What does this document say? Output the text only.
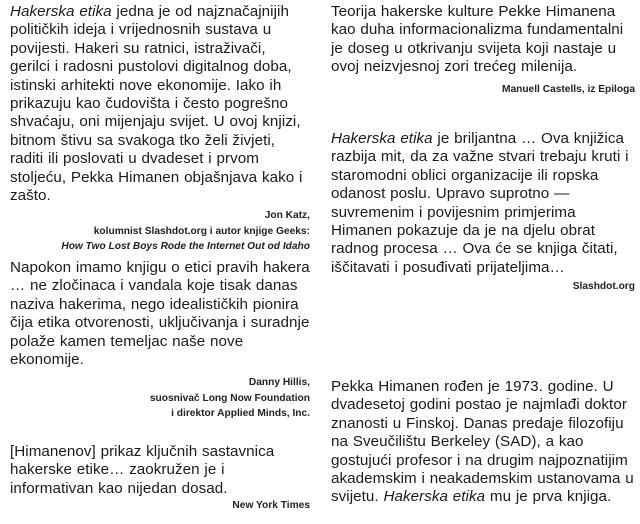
Hakerska etika jedna je od najznačajnijih političkih ideja i vrijednosnih sustava u povijesti. Hakeri su ratnici, istraživači, gerilci i radosni pustolovi digitalnog doba, istinski arhitekti nove ekonomije. Iako ih prikazuju kao čudovišta i često pogrešno shvaćaju, oni mijenjaju svijet. U ovoj knjizi, bitnom štivu sa svakoga tko želi živjeti, raditi ili poslovati u dvadeset i prvom stoljeću, Pekka Himanen objašnjava kako i zašto.

Jon Katz,
kolumnist Slashdot.org i autor knjige Geeks:
How Two Lost Boys Rode the Internet Out od Idaho

Napokon imamo knjigu o etici pravih hakera … ne zločinaca i vandala koje tisak danas naziva hakerima, nego idealističkih pionira čija etika otvorenosti, uključivanja i suradnje polaže kamen temeljac naše nove ekonomije.

Danny Hillis,
suosnivač Long Now Foundation
i direktor Applied Minds, Inc.

[Himanenov] prikaz ključnih sastavnica hakerske etike… zaokružen je i informativan kao nijedan dosad.

New York Times

Teorija hakerske kulture Pekke Himanena kao duha informacionalizma fundamentalni je doseg u otkrivanju svijeta koji nastaje u ovoj neizvjesnoj zori trećeg milenija.

Manuell Castells, iz Epiloga

Hakerska etika je briljantna … Ova knjižica razbija mit, da za važne stvari trebaju kruti i staromodni oblici organizacije ili ropska odanost poslu. Upravo suprotno — suvremenim i povijesnim primjerima Himanen pokazuje da je na djelu obrat radnog procesa … Ova će se knjiga čitati, iščitavati i posuđivati prijateljima…

Slashdot.org

Pekka Himanen rođen je 1973. godine. U dvadesetoj godini postao je najmlađi doktor znanosti u Finskoj. Danas predaje filozofiju na Sveučilištu Berkeley (SAD), a kao gostujući profesor i na drugim najpoznatijim akademskim i neakademskim ustanovama u svijetu. Hakerska etika mu je prva knjiga.
